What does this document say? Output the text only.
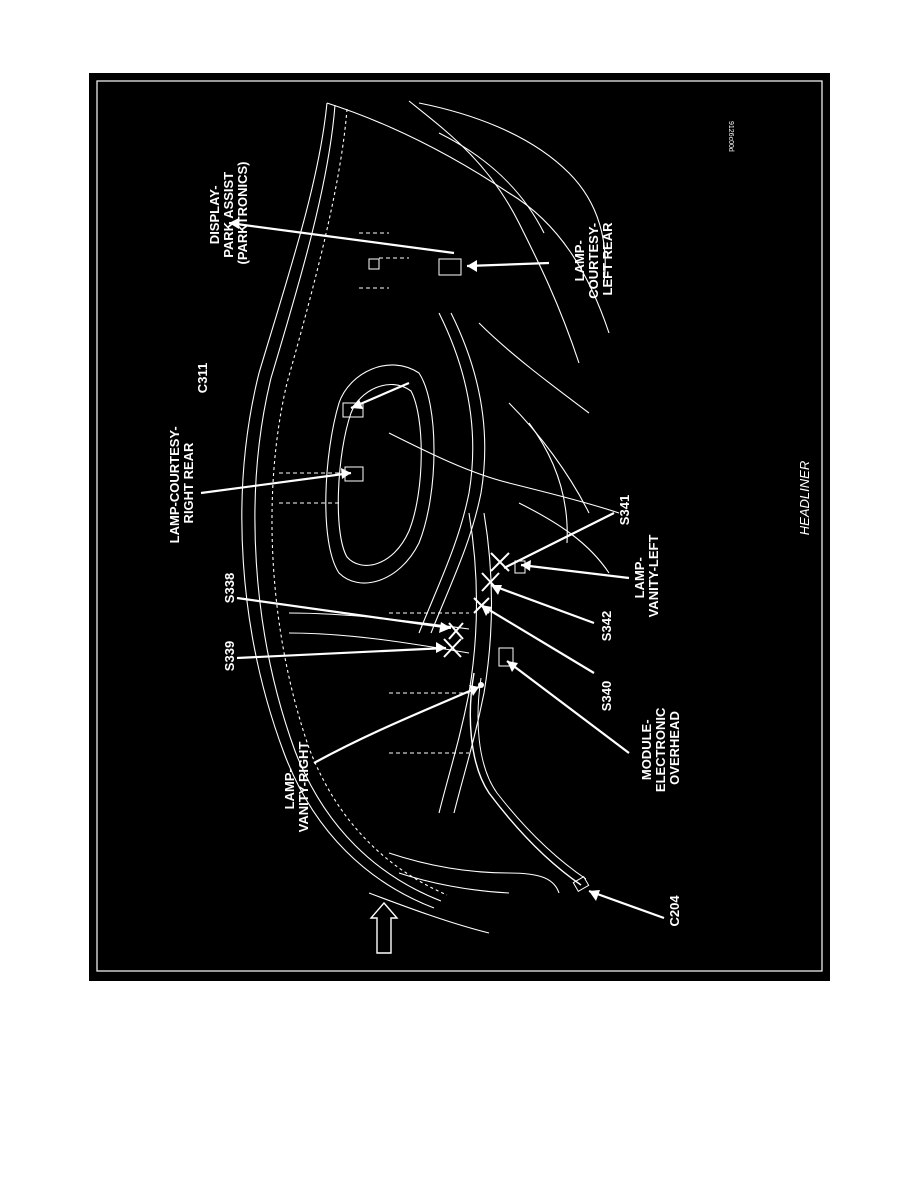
9126c00d
DISPLAY- PARK ASSIST (PARKTRONICS)	LAMP- COURTESY- LEFT REAR
C311
LAMP-COURTESY- RIGHT REAR	S341
LAMP- VANITY-LEFT
S338
S342
S339
S340
MODULE- ELECTRONIC OVERHEAD
LAMP- VANITY-RIGHT
C204
HEADLINER
